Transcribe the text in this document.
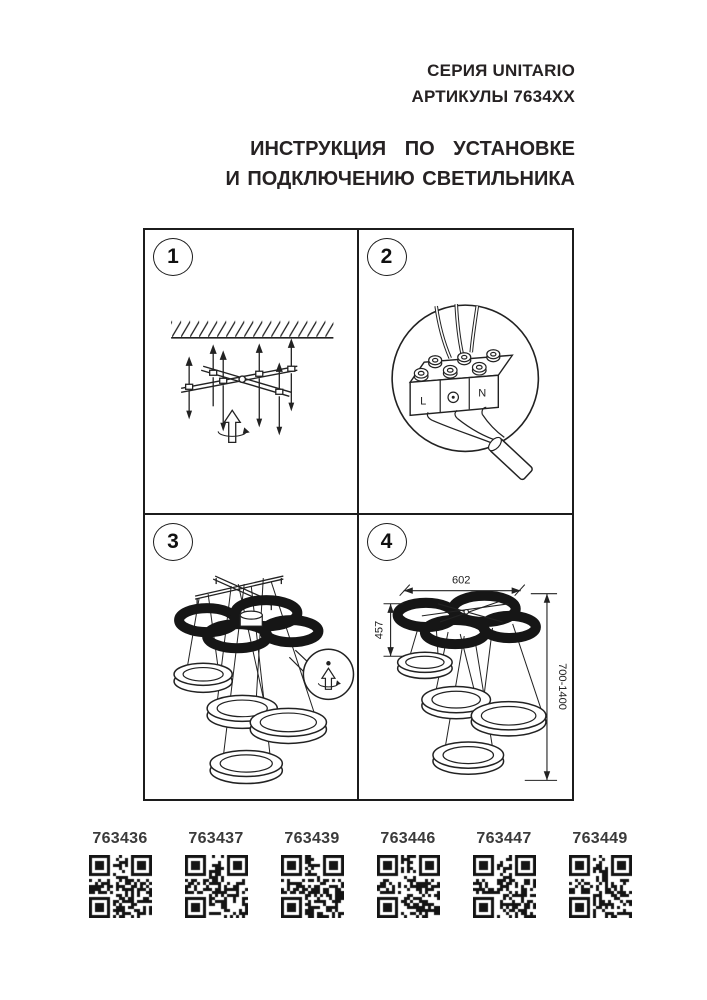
СЕРИЯ UNITARIO
АРТИКУЛЫ 7634XX
ИНСТРУКЦИЯ ПО УСТАНОВКЕ
И ПОДКЛЮЧЕНИЮ СВЕТИЛЬНИКА
1
L
N
2
3
602
457
700-1400
4
763436	763437	763439	763446	763447	763449
